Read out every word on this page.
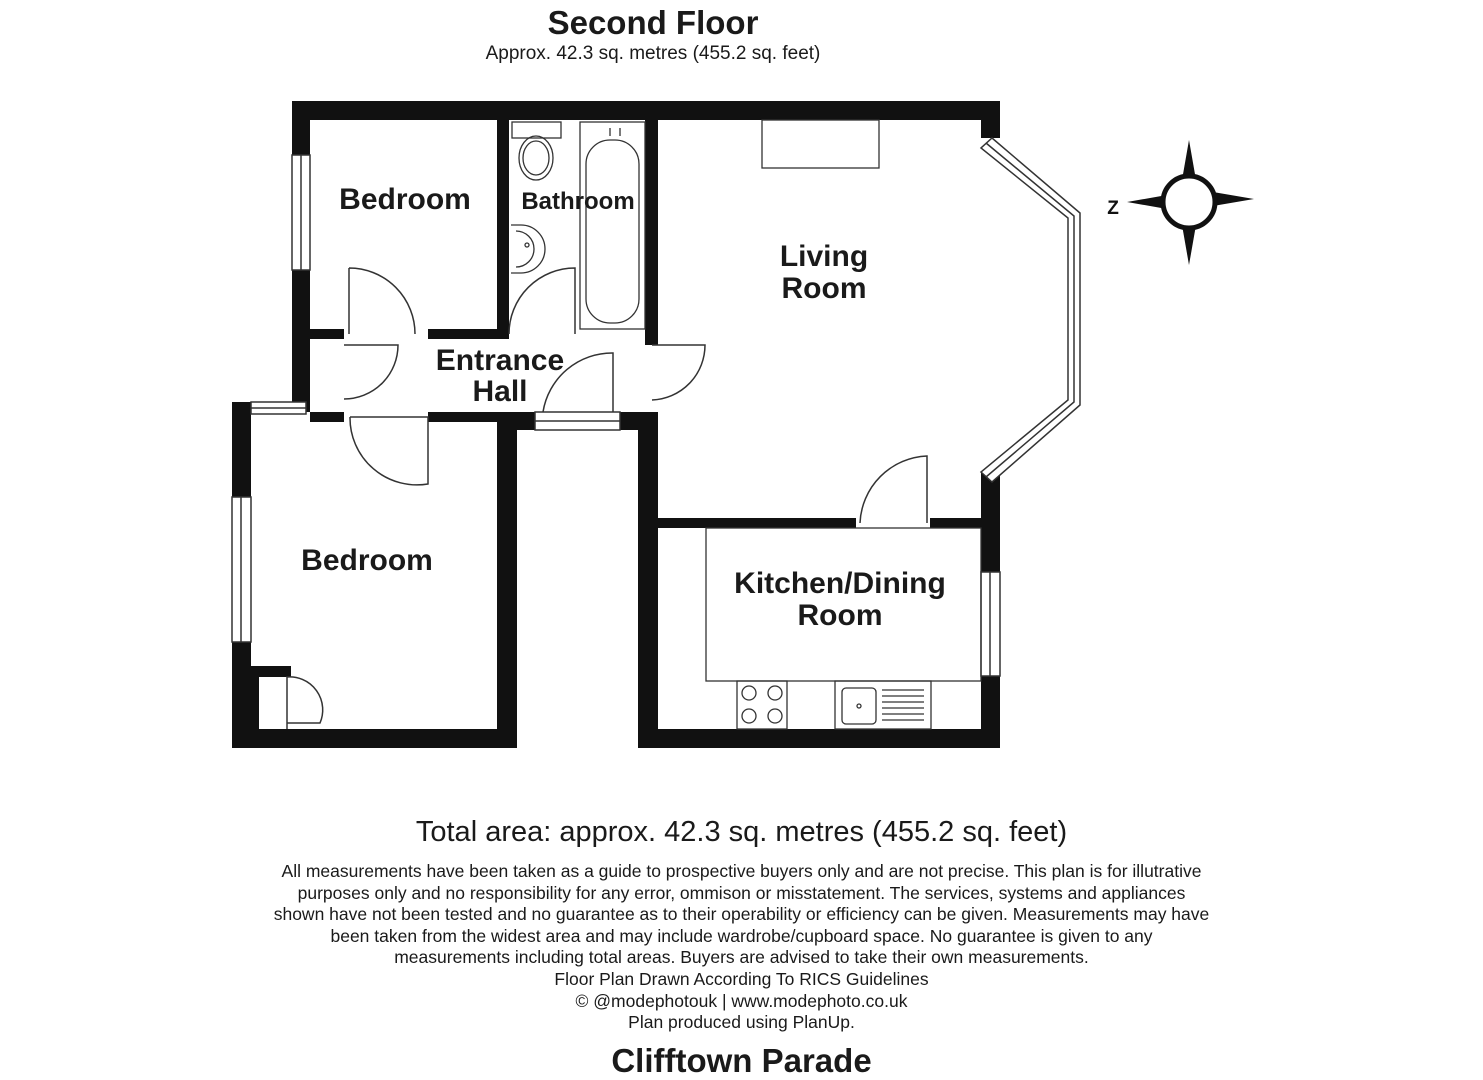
Second Floor
Approx. 42.3 sq. metres (455.2 sq. feet)
Bedroom Bathroom
Living
Room
Entrance
Hall
Bedroom
Kitchen/Dining
Room
Z
Total area: approx. 42.3 sq. metres (455.2 sq. feet)
All measurements have been taken as a guide to prospective buyers only and are not precise. This plan is for illutrative
purposes only and no responsibility for any error, ommison or misstatement. The services, systems and appliances
shown have not been tested and no guarantee as to their operability or efficiency can be given. Measurements may have
been taken from the widest area and may include wardrobe/cupboard space. No guarantee is given to any
measurements including total areas. Buyers are advised to take their own measurements.
Floor Plan Drawn According To RICS Guidelines
© @modephotouk | www.modephoto.co.uk
Plan produced using PlanUp.
Clifftown Parade
